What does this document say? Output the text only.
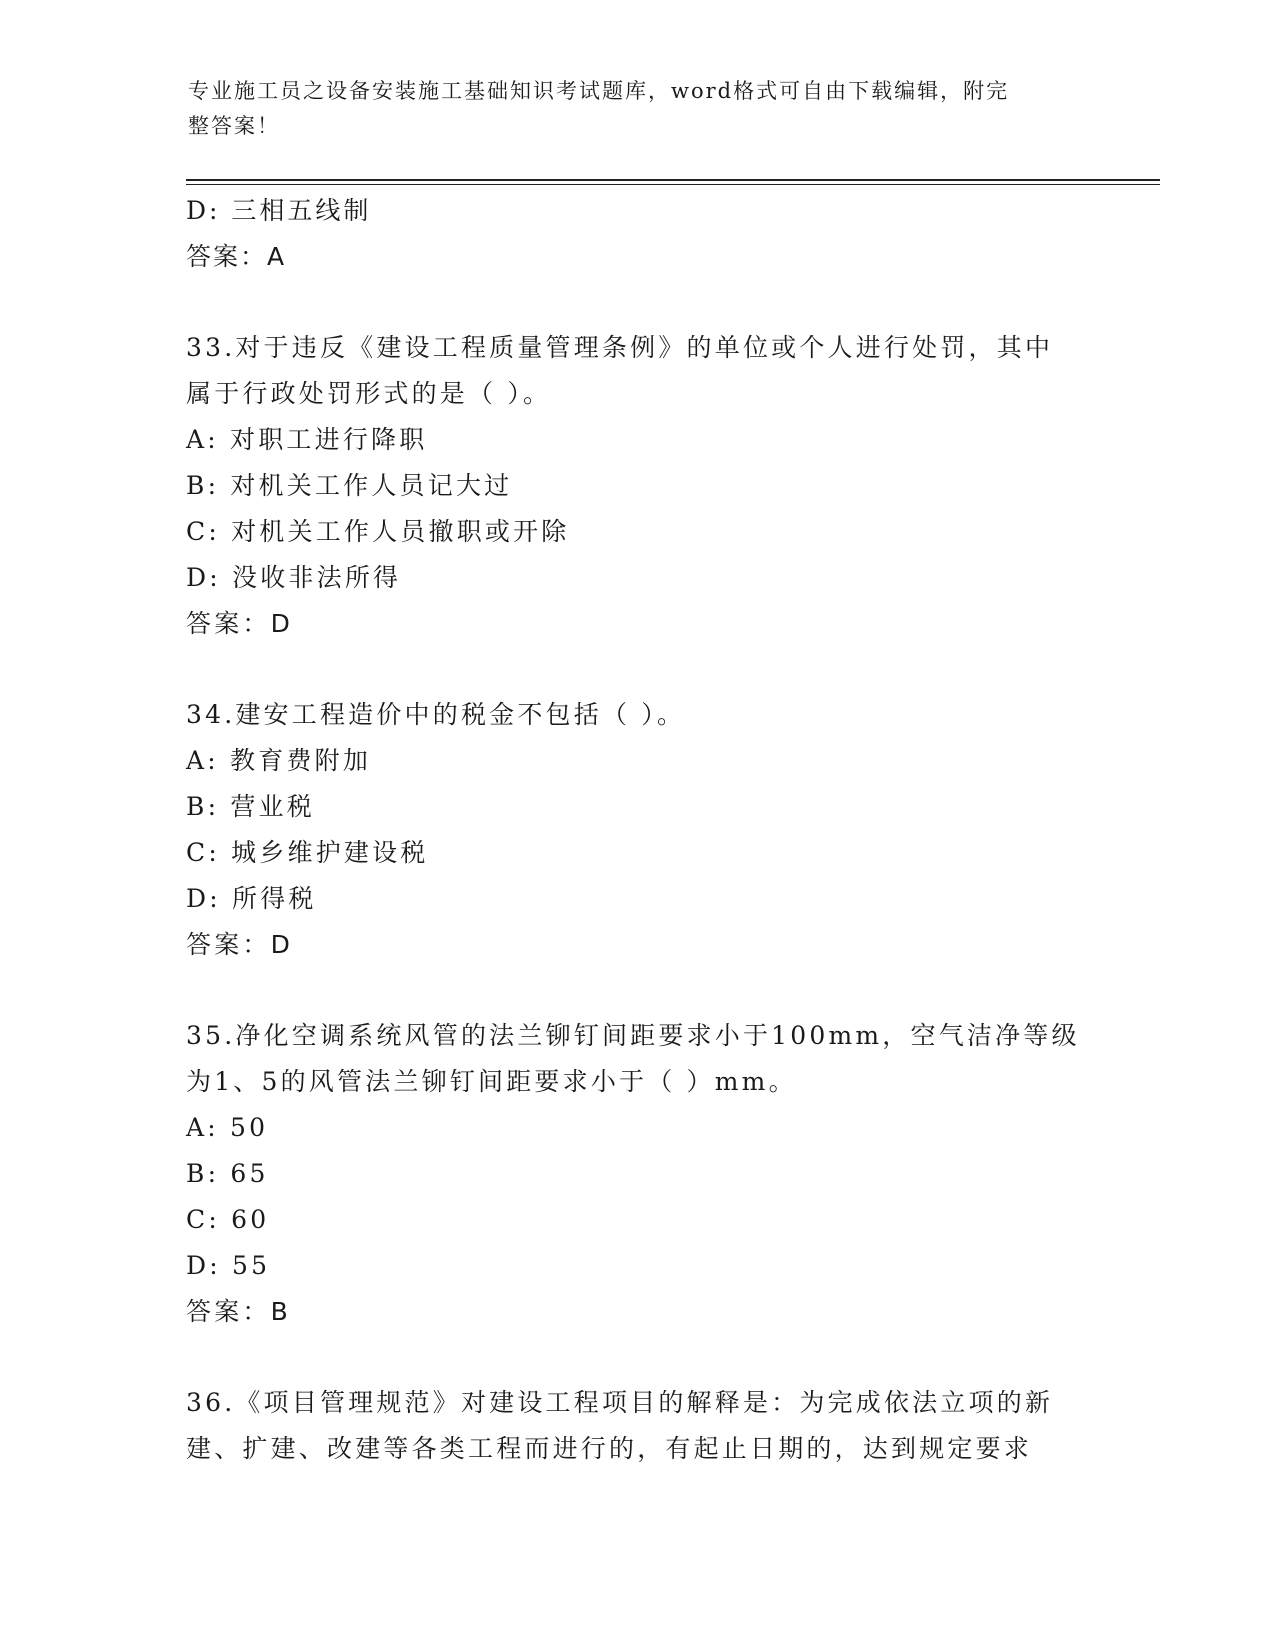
专业施工员之设备安装施工基础知识考试题库，word格式可自由下载编辑，附完
整答案！
D: 三相五线制
答案：A
33.对于违反《建设工程质量管理条例》的单位或个人进行处罚，其中
属于行政处罚形式的是（ ）。
A: 对职工进行降职
B: 对机关工作人员记大过
C: 对机关工作人员撤职或开除
D: 没收非法所得
答案：D
34.建安工程造价中的税金不包括（ ）。
A: 教育费附加
B: 营业税
C: 城乡维护建设税
D: 所得税
答案：D
35.净化空调系统风管的法兰铆钉间距要求小于100mm，空气洁净等级
为1、5的风管法兰铆钉间距要求小于（ ）mm。
A: 50
B: 65
C: 60
D: 55
答案：B
36.《项目管理规范》对建设工程项目的解释是：为完成依法立项的新
建、扩建、改建等各类工程而进行的，有起止日期的，达到规定要求
